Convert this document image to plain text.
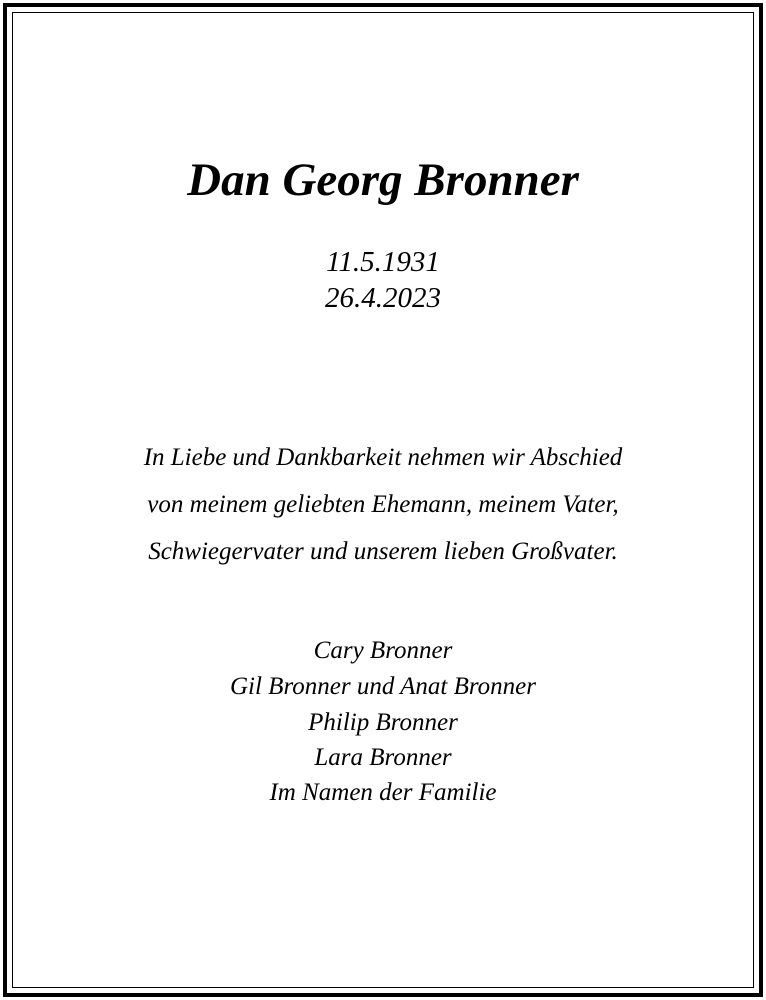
Dan Georg Bronner

11.5.1931

26.4.2023

In Liebe und Dankbarkeit nehmen wir Abschied

von meinem geliebten Ehemann, meinem Vater,

Schwiegervater und unserem lieben Großvater.

Cary Bronner

Gil Bronner und Anat Bronner

Philip Bronner

Lara Bronner

Im Namen der Familie
